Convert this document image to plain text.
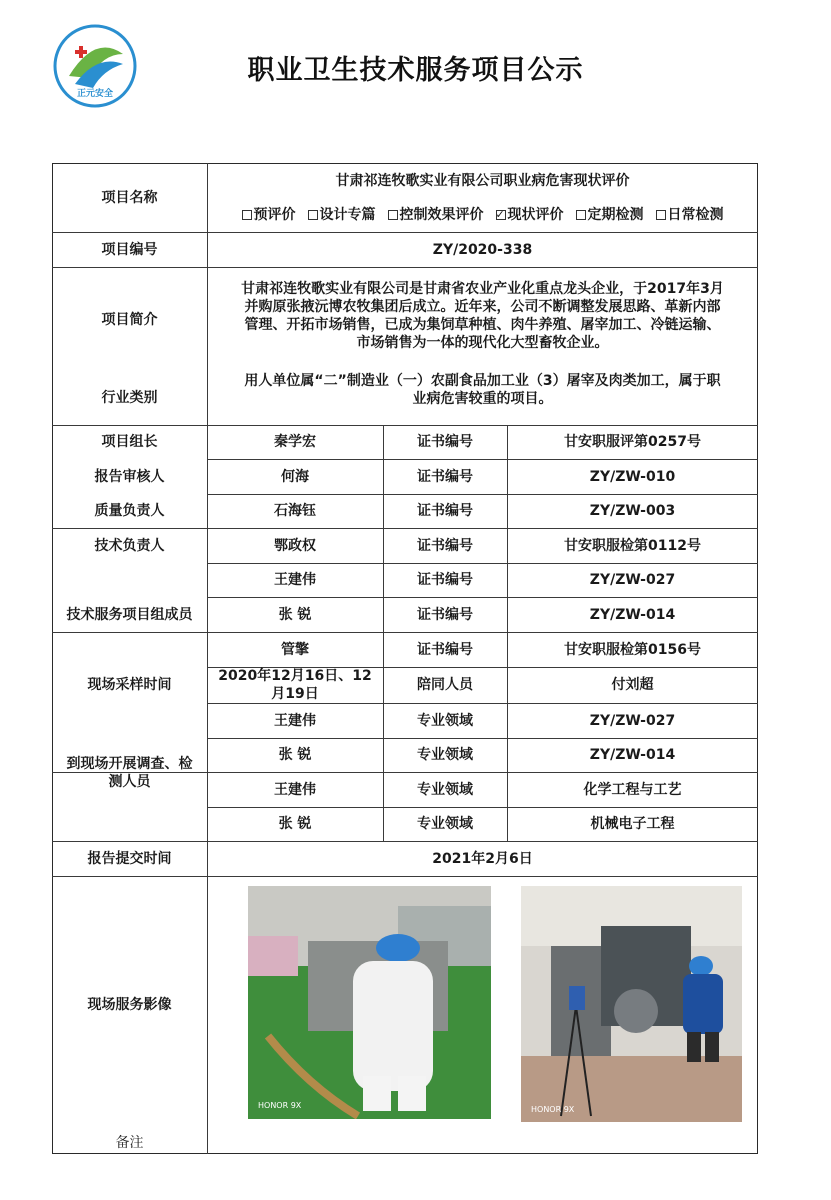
正元安全
职业卫生技术服务项目公示
项目名称
甘肃祁连牧歌实业有限公司职业病危害现状评价
预评价 设计专篇 控制效果评价
✓ 现状评价 定期检测 日常检测
项目编号	ZY/2020-338
项目简介
甘肃祁连牧歌实业有限公司是甘肃省农业产业化重点龙头企业，于2017年3月
并购原张掖沅博农牧集团后成立。近年来，公司不断调整发展思路、革新内部
管理、开拓市场销售，已成为集饲草种植、肉牛养殖、屠宰加工、冷链运输、
市场销售为一体的现代化大型畜牧企业。
行业类别
用人单位属“二”制造业（一）农副食品加工业（3）屠宰及肉类加工，属于职
业病危害较重的项目。
项目组长	秦学宏	证书编号	甘安职服评第0257号
报告审核人	何海	证书编号	ZY/ZW-010
质量负责人	石海钰	证书编号	ZY/ZW-003
技术负责人	鄂政权	证书编号	甘安职服检第0112号
技术服务项目组成员
王建伟	证书编号	ZY/ZW-027
张 锐	证书编号	ZY/ZW-014
管擎	证书编号	甘安职服检第0156号
现场采样时间
2020年12月16日、12月19日
陪同人员	付刘超
到现场开展调查、检测人员
王建伟	专业领域	ZY/ZW-027
张 锐	专业领域	ZY/ZW-014
王建伟	专业领域	化学工程与工艺
张 锐	专业领域	机械电子工程
报告提交时间	2021年2月6日
现场服务影像
HONOR 9X	HONOR 9X
备注
